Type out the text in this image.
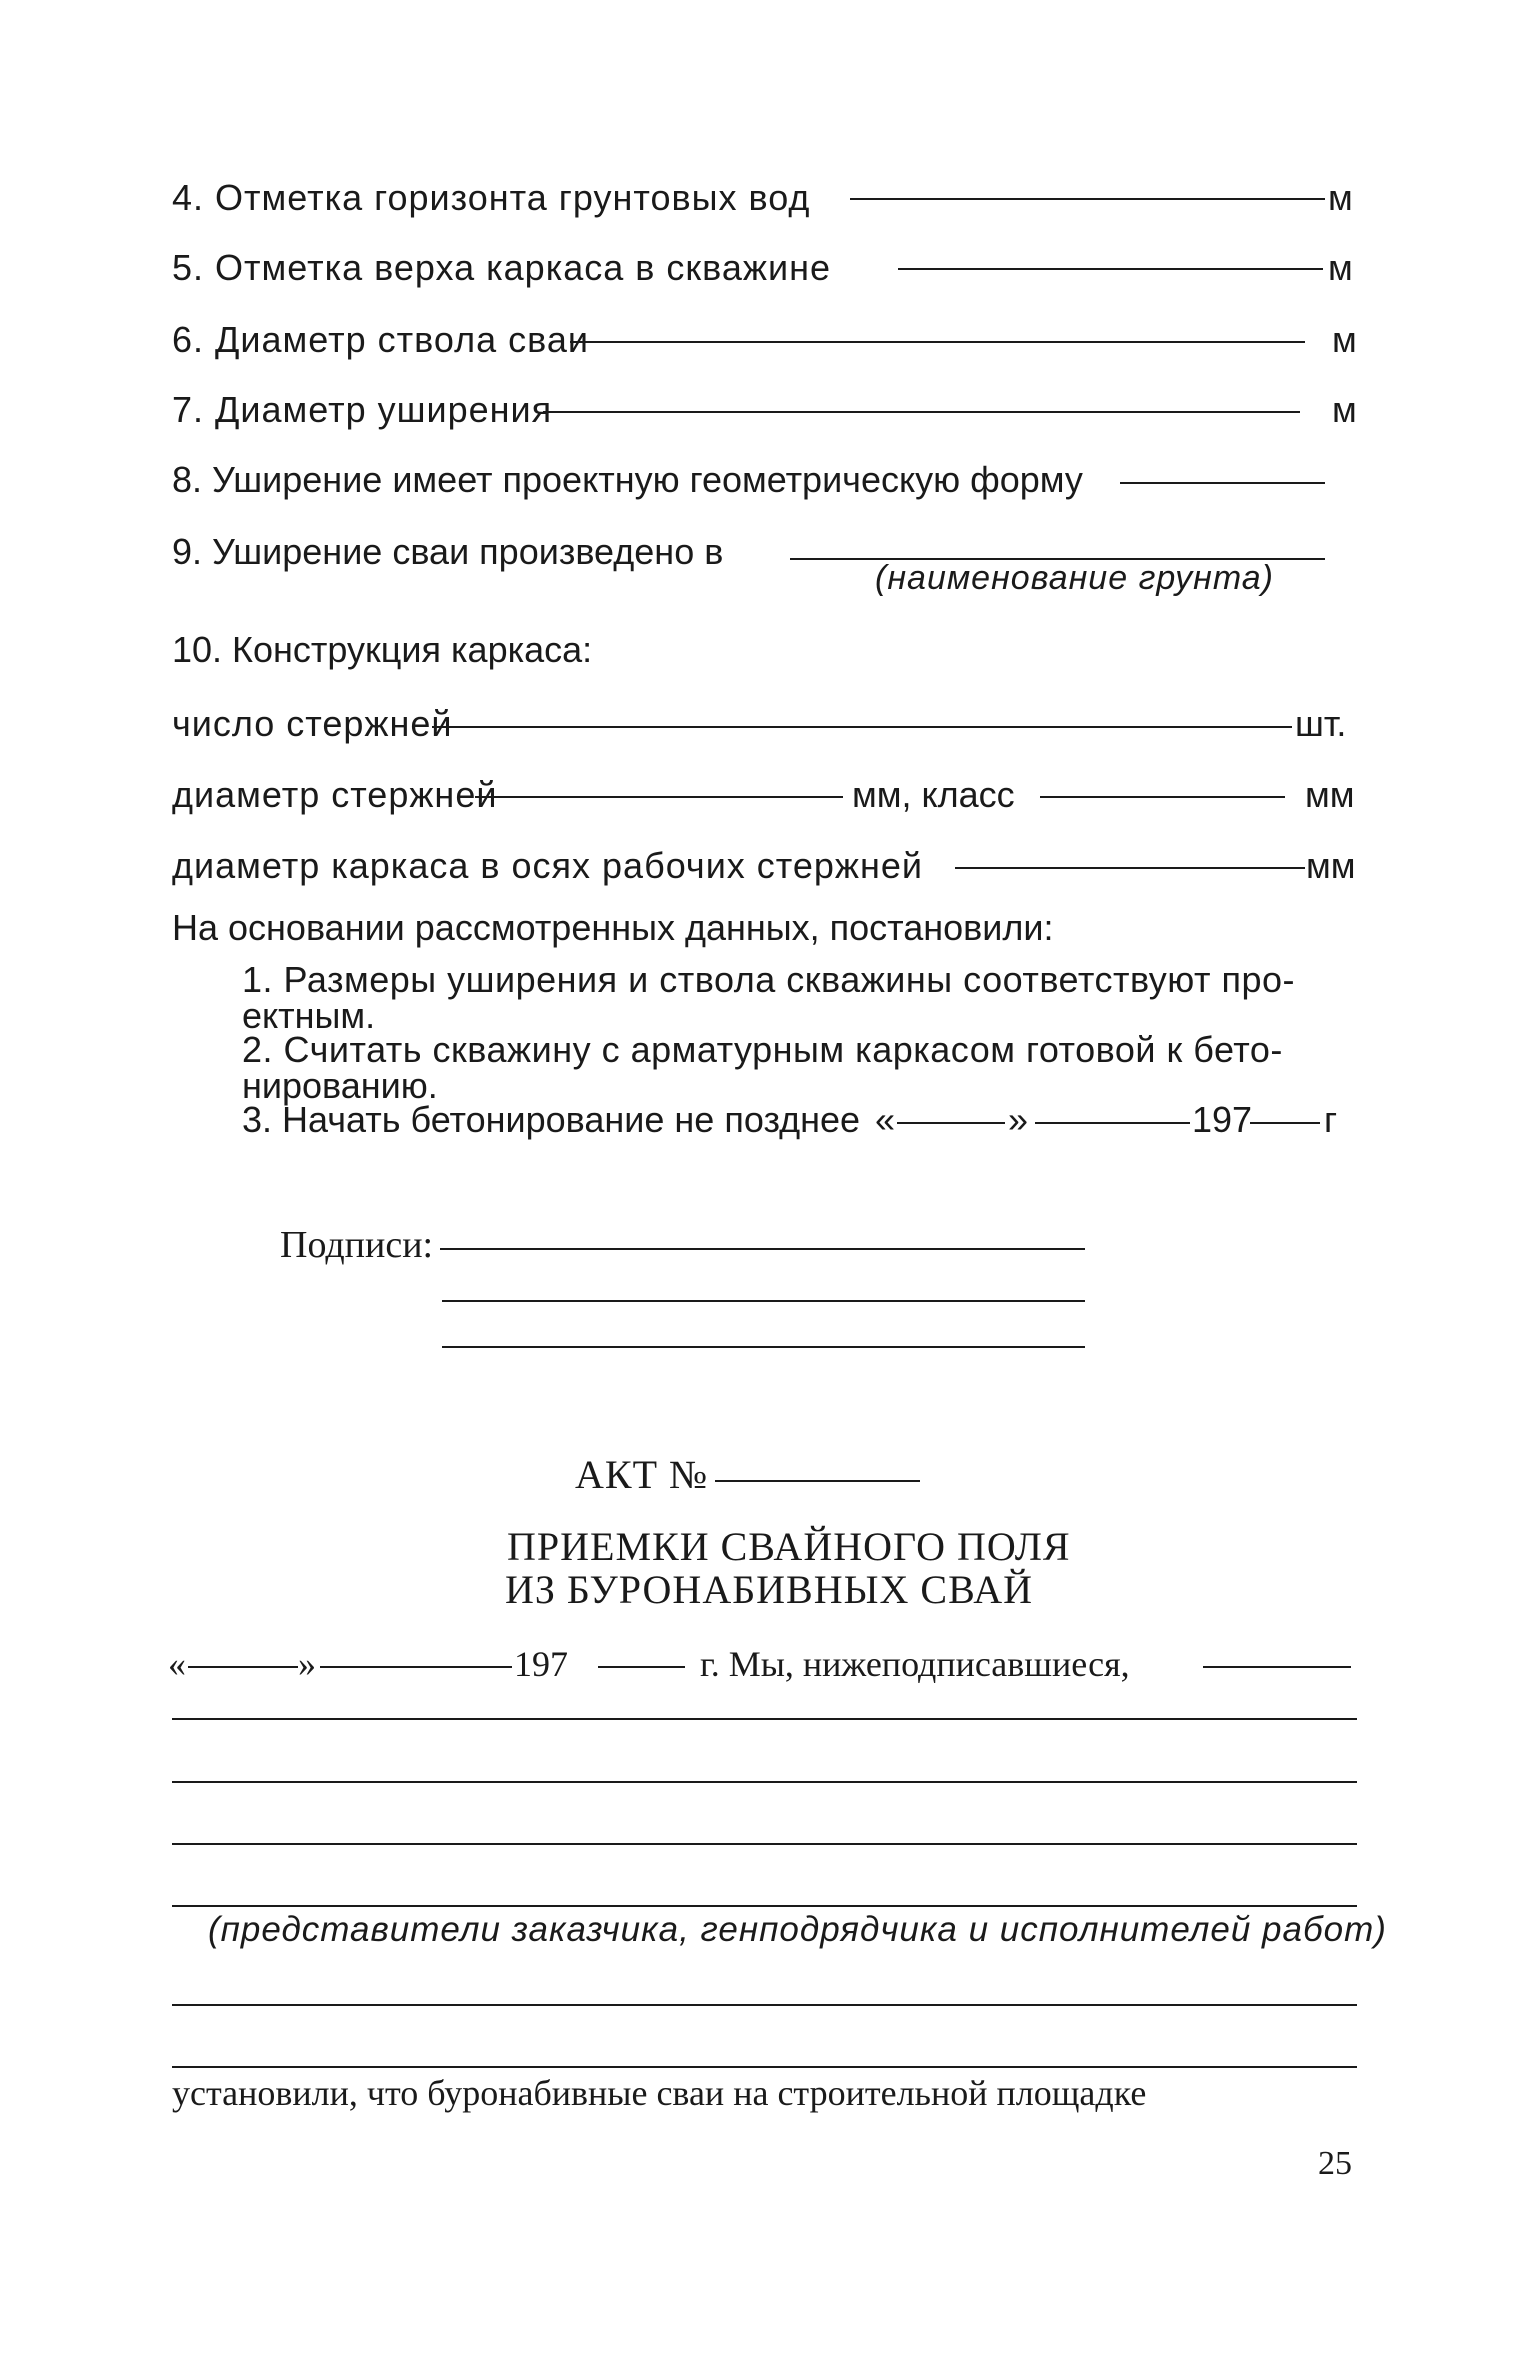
4. Отметка горизонта грунтовых вод	м
5. Отметка верха каркаса в скважине	м
6. Диаметр ствола сваи	м
7. Диаметр уширения	м
8. Уширение имеет проектную геометрическую форму
9. Уширение сваи произведено в
(наименование грунта)
10. Конструкция каркаса:
число стержней	шт.
диаметр стержней	мм, класс	мм
диаметр каркаса в осях рабочих стержней	мм
На основании рассмотренных данных, постановили:
1. Размеры уширения и ствола скважины соответствуют про-
ектным.
2. Считать скважину с арматурным каркасом готовой к бето-
нированию.
3. Начать бетонирование не позднее «	»	197 г
Подписи:
АКТ №
ПРИЕМКИ СВАЙНОГО ПОЛЯ
ИЗ БУРОНАБИВНЫХ СВАЙ
«	»	197	г. Мы, нижеподписавшиеся,
(представители заказчика, генподрядчика и исполнителей работ)
установили, что буронабивные сваи на строительной площадке
25
